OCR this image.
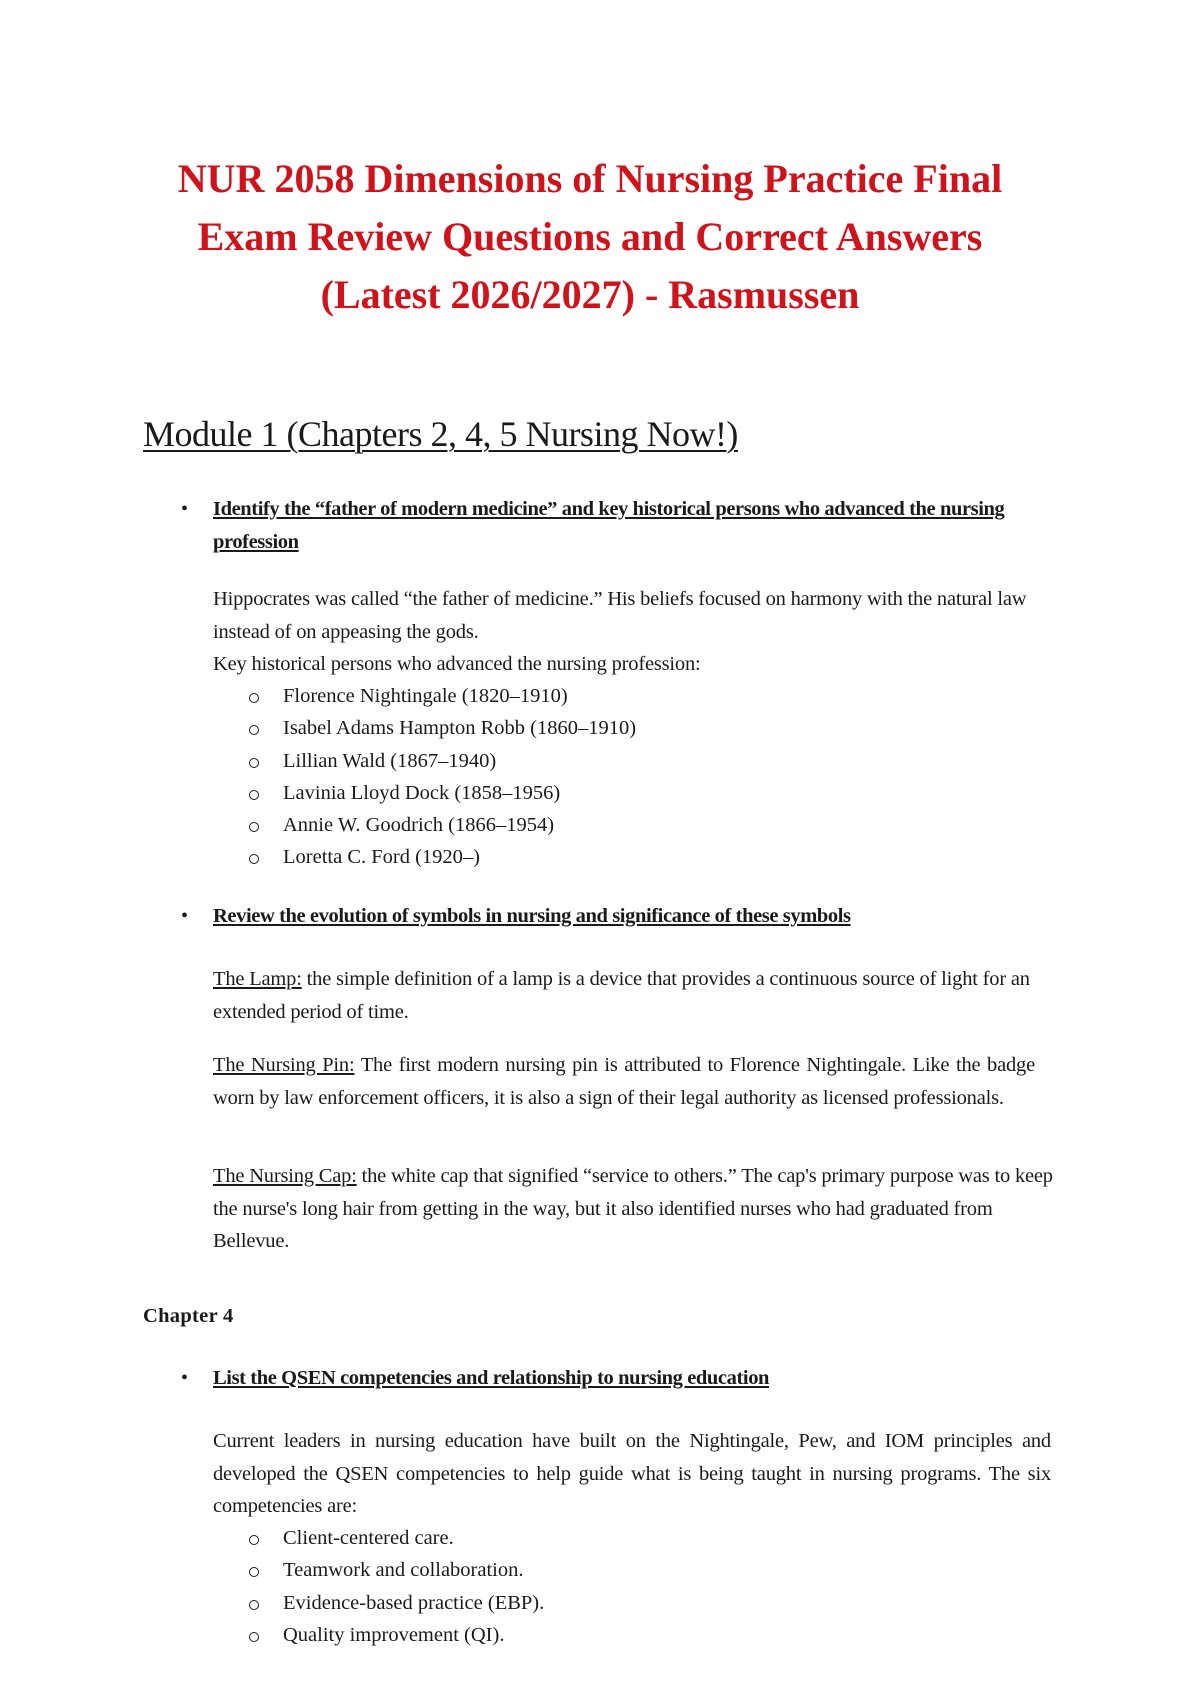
NUR 2058 Dimensions of Nursing Practice Final Exam Review Questions and Correct Answers (Latest 2026/2027) - Rasmussen
Module 1 (Chapters 2, 4, 5 Nursing Now!)
• Identify the “father of modern medicine” and key historical persons who advanced the nursing profession
Hippocrates was called “the father of medicine.” His beliefs focused on harmony with the natural law instead of on appeasing the gods.
Key historical persons who advanced the nursing profession:
Florence Nightingale (1820–1910)
Isabel Adams Hampton Robb (1860–1910)
Lillian Wald (1867–1940)
Lavinia Lloyd Dock (1858–1956)
Annie W. Goodrich (1866–1954)
Loretta C. Ford (1920–)
• Review the evolution of symbols in nursing and significance of these symbols
The Lamp: the simple definition of a lamp is a device that provides a continuous source of light for an extended period of time.
The Nursing Pin: The first modern nursing pin is attributed to Florence Nightingale. Like the badge worn by law enforcement officers, it is also a sign of their legal authority as licensed professionals.
The Nursing Cap: the white cap that signified “service to others.” The cap's primary purpose was to keep the nurse's long hair from getting in the way, but it also identified nurses who had graduated from Bellevue.
Chapter 4
• List the QSEN competencies and relationship to nursing education
Current leaders in nursing education have built on the Nightingale, Pew, and IOM principles and developed the QSEN competencies to help guide what is being taught in nursing programs. The six competencies are:
Client-centered care.
Teamwork and collaboration.
Evidence-based practice (EBP).
Quality improvement (QI).
